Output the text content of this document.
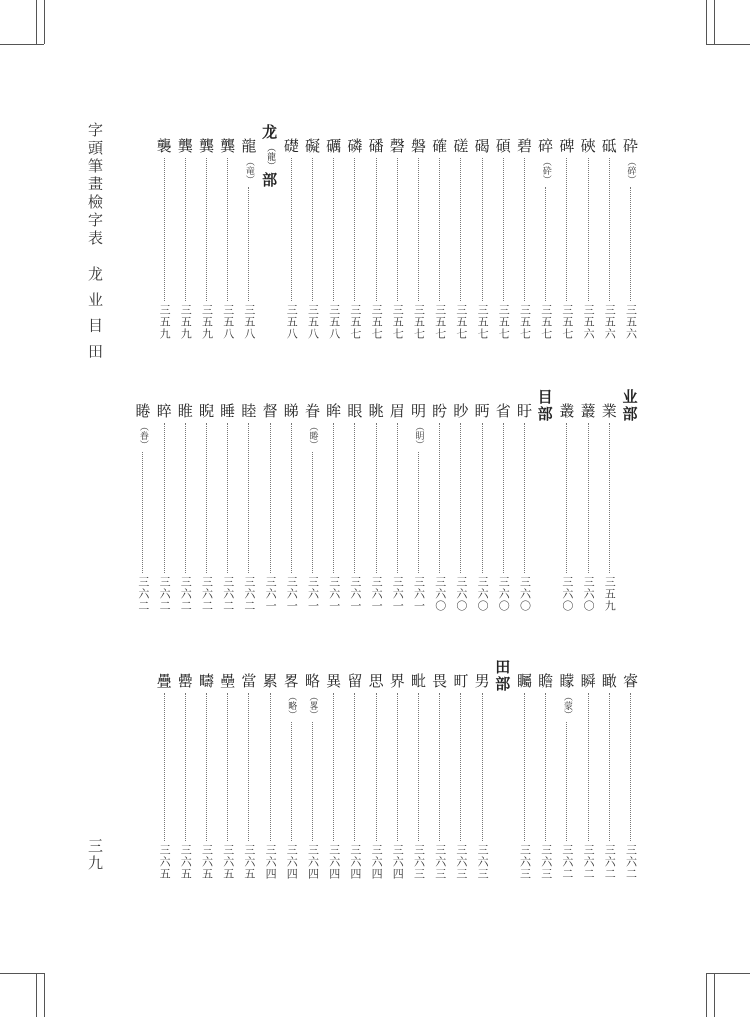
字頭筆畫檢字表　龙 业 目 田
三九
砕
（碎）
三五六
砥
三五六
硤
三五六
碑
三五七
碎
（砕）
三五七
碧
三五七
碩
三五七
碣
三五七
磋
三五七
確
三五七
磐
三五七
磬
三五七
磻
三五七
磷
三五七
礪
三五八
礙
三五八
礎
三五八
龙
（龍）
部
龍
（竜）
三五八
龔
三五八
龔
三五九
龔
三五九
襲
三五九
业
部
業
三五九
䕺
三六〇
叢
三六〇
目
部
盱
三六〇
省
三六〇
眄
三六〇
眇
三六〇
盻
三六〇
明
（眀）
三六一
眉
三六一
眺
三六一
眼
三六一
眸
三六一
眷
（睠）
三六一
睇
三六一
督
三六一
睦
三六二
睡
三六二
睨
三六二
睢
三六二
睟
三六二
睠
（眷）
三六二
睿
三六二
瞰
三六二
瞬
三六二
矇
（蒙）
三六二
瞻
三六三
矚
三六三
田
部
男
三六三
町
三六三
畏
三六三
毗
三六三
界
三六四
思
三六四
留
三六四
異
三六四
略
（畧）
三六四
畧
（略）
三六四
累
三六四
當
三六五
壘
三六五
疇
三六五
罍
三六五
疊
三六五
